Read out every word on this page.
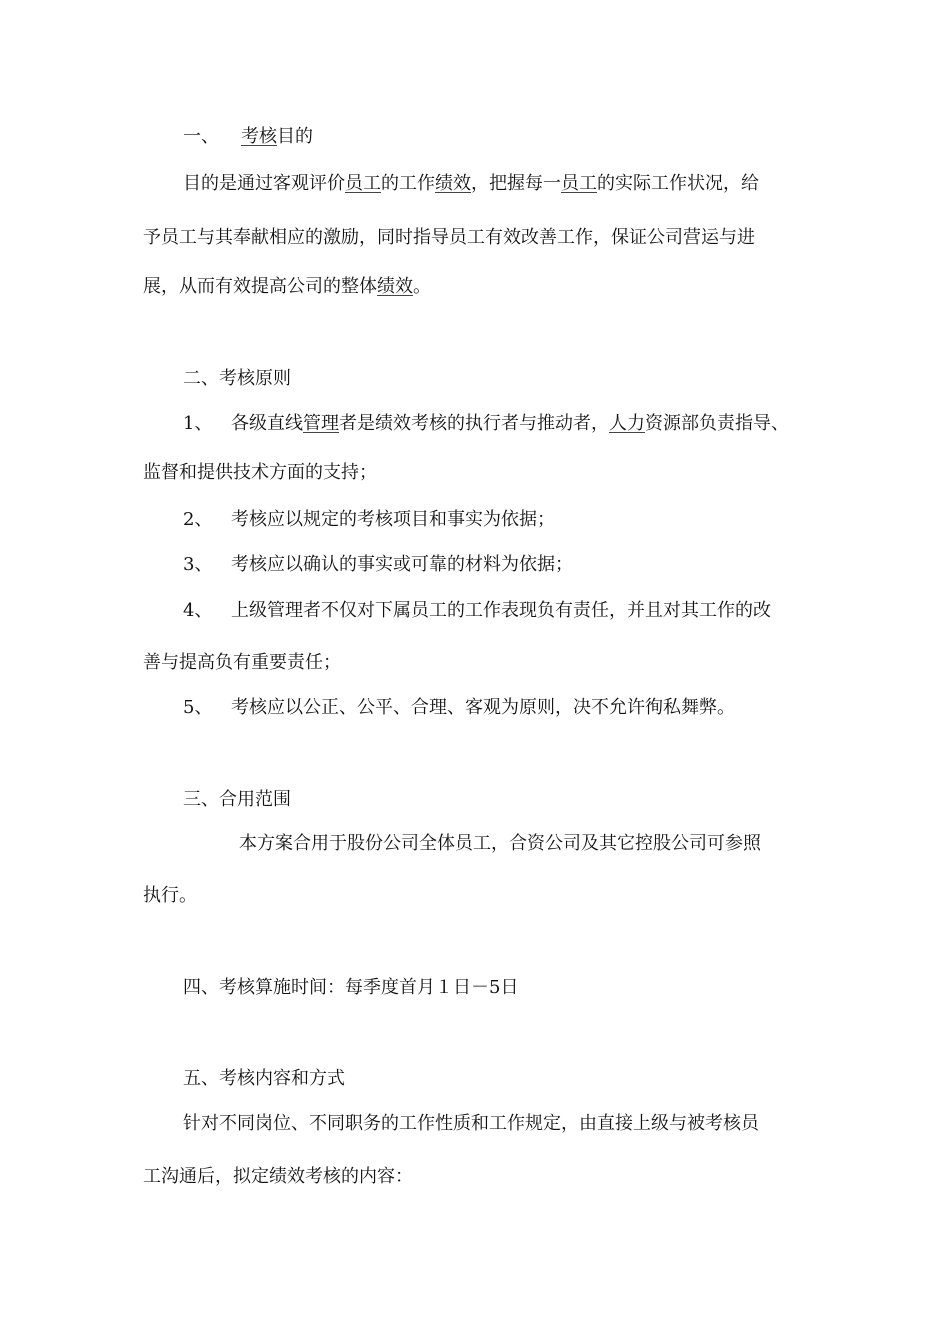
一、 考核目的
目的是通过客观评价员工的工作绩效，把握每一员工的实际工作状况，给
予员工与其奉献相应的激励，同时指导员工有效改善工作，保证公司营运与进
展，从而有效提高公司的整体绩效。
二、考核原则
1、 各级直线管理者是绩效考核的执行者与推动者，人力资源部负责指导、
监督和提供技术方面的支持；
2、 考核应以规定的考核项目和事实为依据；
3、 考核应以确认的事实或可靠的材料为依据；
4、 上级管理者不仅对下属员工的工作表现负有责任，并且对其工作的改
善与提高负有重要责任；
5、 考核应以公正、公平、合理、客观为原则，决不允许徇私舞弊。
三、合用范围
本方案合用于股份公司全体员工，合资公司及其它控股公司可参照
执行。
四、考核算施时间：每季度首月１日－5日
五、考核内容和方式
针对不同岗位、不同职务的工作性质和工作规定，由直接上级与被考核员
工沟通后，拟定绩效考核的内容：
